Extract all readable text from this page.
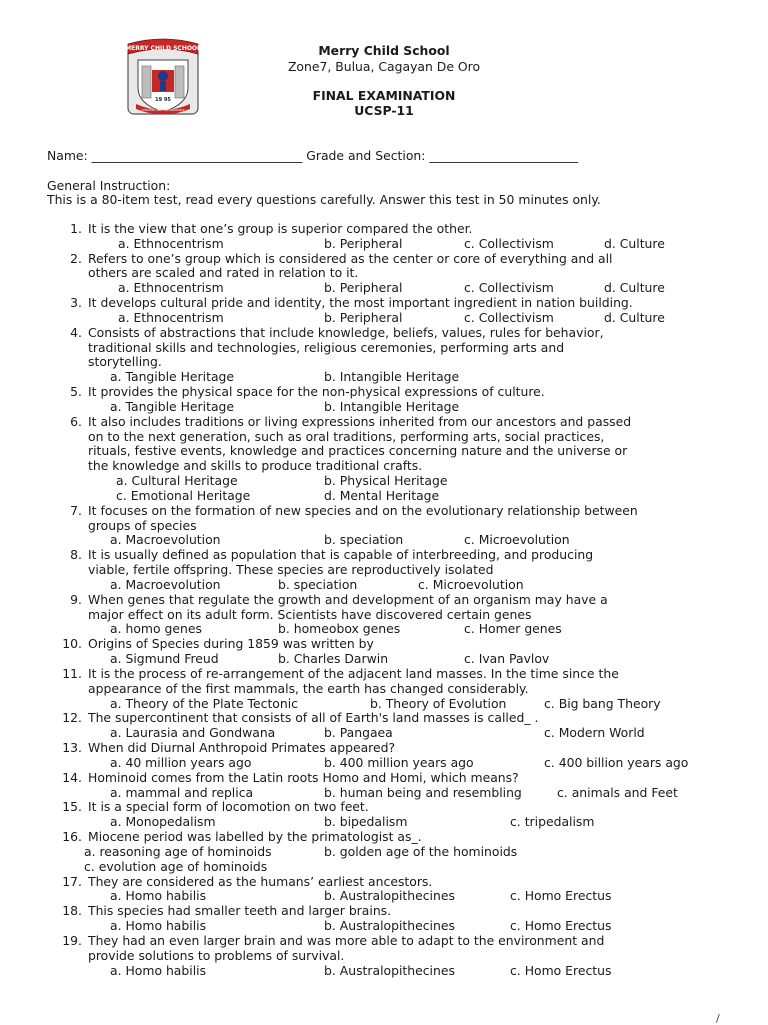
MERRY CHILD SCHOOL
19 95
CONSTANT AND UNCHANGEABLE
Merry Child School
Zone7, Bulua, Cagayan De Oro
FINAL EXAMINATION
UCSP-11
Name: __________________________________ Grade and Section: ________________________
General Instruction:
This is a 80-item test, read every questions carefully. Answer this test in 50 minutes only.
1. It is the view that one’s group is superior compared the other.
a. Ethnocentrism	b. Peripheral	c. Collectivism	d. Culture
2. Refers to one’s group which is considered as the center or core of everything and all
others are scaled and rated in relation to it.
a. Ethnocentrism	b. Peripheral	c. Collectivism	d. Culture
3. It develops cultural pride and identity, the most important ingredient in nation building.
a. Ethnocentrism	b. Peripheral	c. Collectivism	d. Culture
4. Consists of abstractions that include knowledge, beliefs, values, rules for behavior,
traditional skills and technologies, religious ceremonies, performing arts and
storytelling.
a. Tangible Heritage	b. Intangible Heritage
5. It provides the physical space for the non-physical expressions of culture.
a. Tangible Heritage	b. Intangible Heritage
6. It also includes traditions or living expressions inherited from our ancestors and passed
on to the next generation, such as oral traditions, performing arts, social practices,
rituals, festive events, knowledge and practices concerning nature and the universe or
the knowledge and skills to produce traditional crafts.
a. Cultural Heritage	b. Physical Heritage
c. Emotional Heritage	d. Mental Heritage
7. It focuses on the formation of new species and on the evolutionary relationship between
groups of species
a. Macroevolution	b. speciation	c. Microevolution
8. It is usually defined as population that is capable of interbreeding, and producing
viable, fertile offspring. These species are reproductively isolated
a. Macroevolution	b. speciation	c. Microevolution
9. When genes that regulate the growth and development of an organism may have a
major effect on its adult form. Scientists have discovered certain genes
a. homo genes	b. homeobox genes	c. Homer genes
10. Origins of Species during 1859 was written by
a. Sigmund Freud	b. Charles Darwin	c. Ivan Pavlov
11. It is the process of re-arrangement of the adjacent land masses. In the time since the
appearance of the first mammals, the earth has changed considerably.
a. Theory of the Plate Tectonic	b. Theory of Evolution	c. Big bang Theory
12. The supercontinent that consists of all of Earth's land masses is called_ .
a. Laurasia and Gondwana	b. Pangaea	c. Modern World
13. When did Diurnal Anthropoid Primates appeared?
a. 40 million years ago	b. 400 million years ago	c. 400 billion years ago
14. Hominoid comes from the Latin roots Homo and Homi, which means?
a. mammal and replica	b. human being and resembling	c. animals and Feet
15. It is a special form of locomotion on two feet.
a. Monopedalism	b. bipedalism	c. tripedalism
16. Miocene period was labelled by the primatologist as_.
a. reasoning age of hominoids	b. golden age of the hominoids
c. evolution age of hominoids
17. They are considered as the humans’ earliest ancestors.
a. Homo habilis	b. Australopithecines	c. Homo Erectus
18. This species had smaller teeth and larger brains.
a. Homo habilis	b. Australopithecines	c. Homo Erectus
19. They had an even larger brain and was more able to adapt to the environment and
provide solutions to problems of survival.
a. Homo habilis	b. Australopithecines	c. Homo Erectus
/
